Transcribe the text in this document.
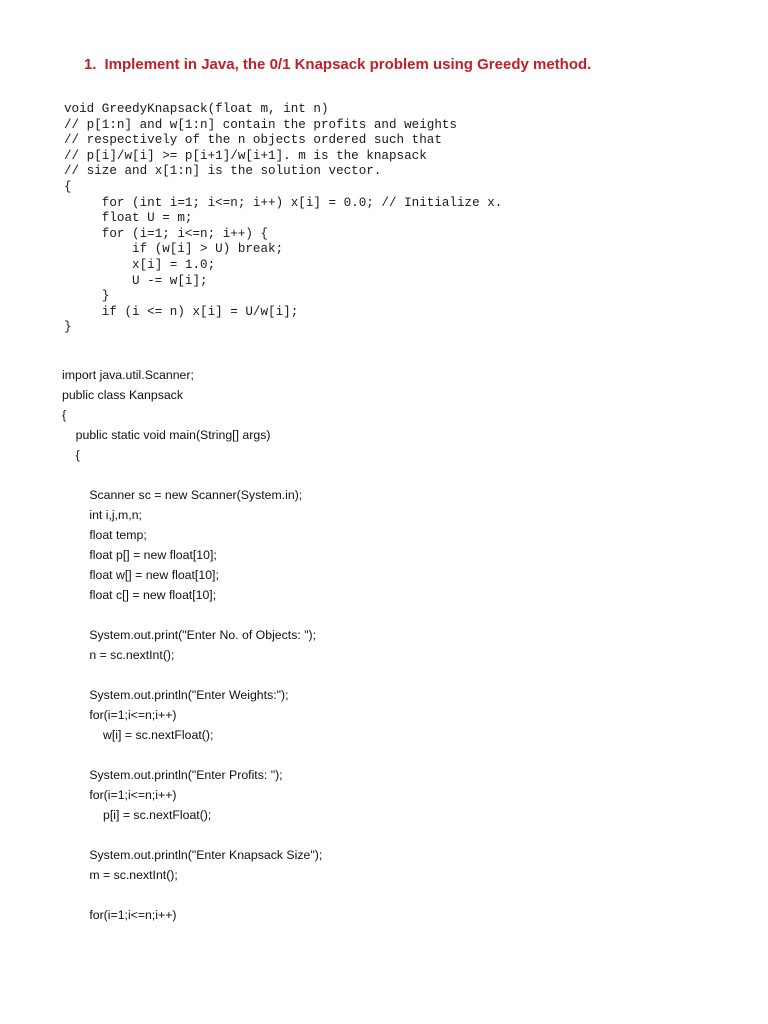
1. Implement in Java, the 0/1 Knapsack problem using Greedy method.
void GreedyKnapsack(float m, int n)
// p[1:n] and w[1:n] contain the profits and weights
// respectively of the n objects ordered such that
// p[i]/w[i] >= p[i+1]/w[i+1]. m is the knapsack
// size and x[1:n] is the solution vector.
{
for (int i=1; i<=n; i++) x[i] = 0.0; // Initialize x.
float U = m;
for (i=1; i<=n; i++) {
if (w[i] > U) break;
x[i] = 1.0;
U -= w[i];
}
if (i <= n) x[i] = U/w[i];
}
import java.util.Scanner;
public class Kanpsack
{
public static void main(String[] args)
{
Scanner sc = new Scanner(System.in);
int i,j,m,n;
float temp;
float p[] = new float[10];
float w[] = new float[10];
float c[] = new float[10];
System.out.print("Enter No. of Objects: ");
n = sc.nextInt();
System.out.println("Enter Weights:");
for(i=1;i<=n;i++)
w[i] = sc.nextFloat();
System.out.println("Enter Profits: ");
for(i=1;i<=n;i++)
p[i] = sc.nextFloat();
System.out.println("Enter Knapsack Size");
m = sc.nextInt();
for(i=1;i<=n;i++)
